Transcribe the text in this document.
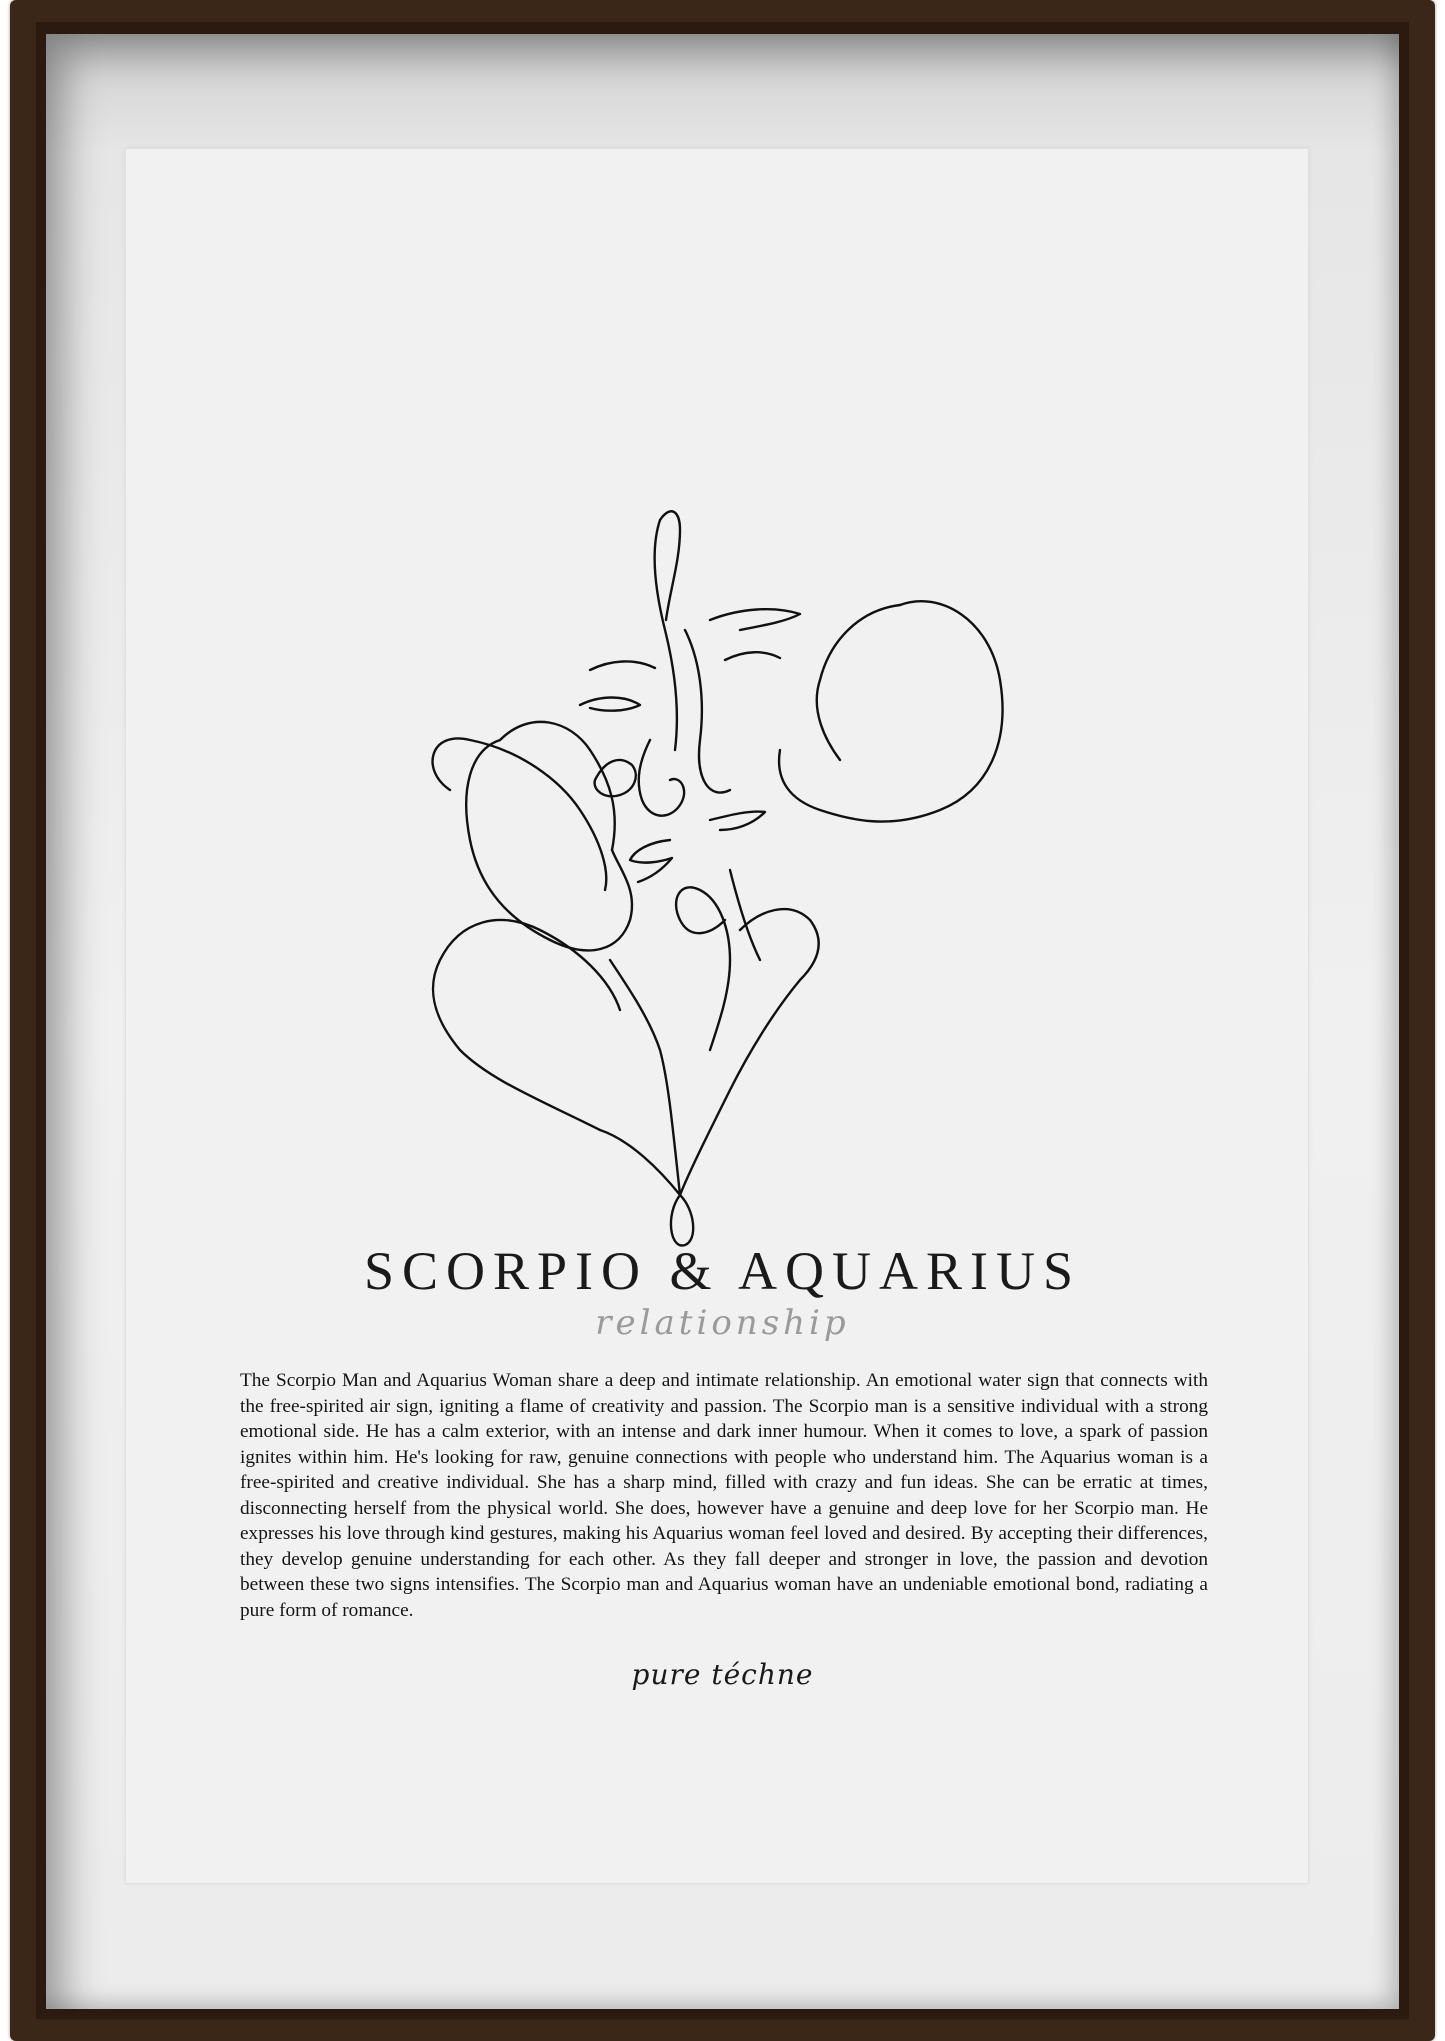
SCORPIO & AQUARIUS
relationship
The Scorpio Man and Aquarius Woman share a deep and intimate relationship. An emotional water sign that connects with the free-spirited air sign, igniting a flame of creativity and passion. The Scorpio man is a sensitive individual with a strong emotional side. He has a calm exterior, with an intense and dark inner humour. When it comes to love, a spark of passion ignites within him. He's looking for raw, genuine connections with people who understand him. The Aquarius woman is a free-spirited and creative individual. She has a sharp mind, filled with crazy and fun ideas. She can be erratic at times, disconnecting herself from the physical world. She does, however have a genuine and deep love for her Scorpio man. He expresses his love through kind gestures, making his Aquarius woman feel loved and desired. By accepting their differences, they develop genuine understanding for each other. As they fall deeper and stronger in love, the passion and devotion between these two signs intensifies. The Scorpio man and Aquarius woman have an undeniable emotional bond, radiating a pure form of romance.
pure téchne
